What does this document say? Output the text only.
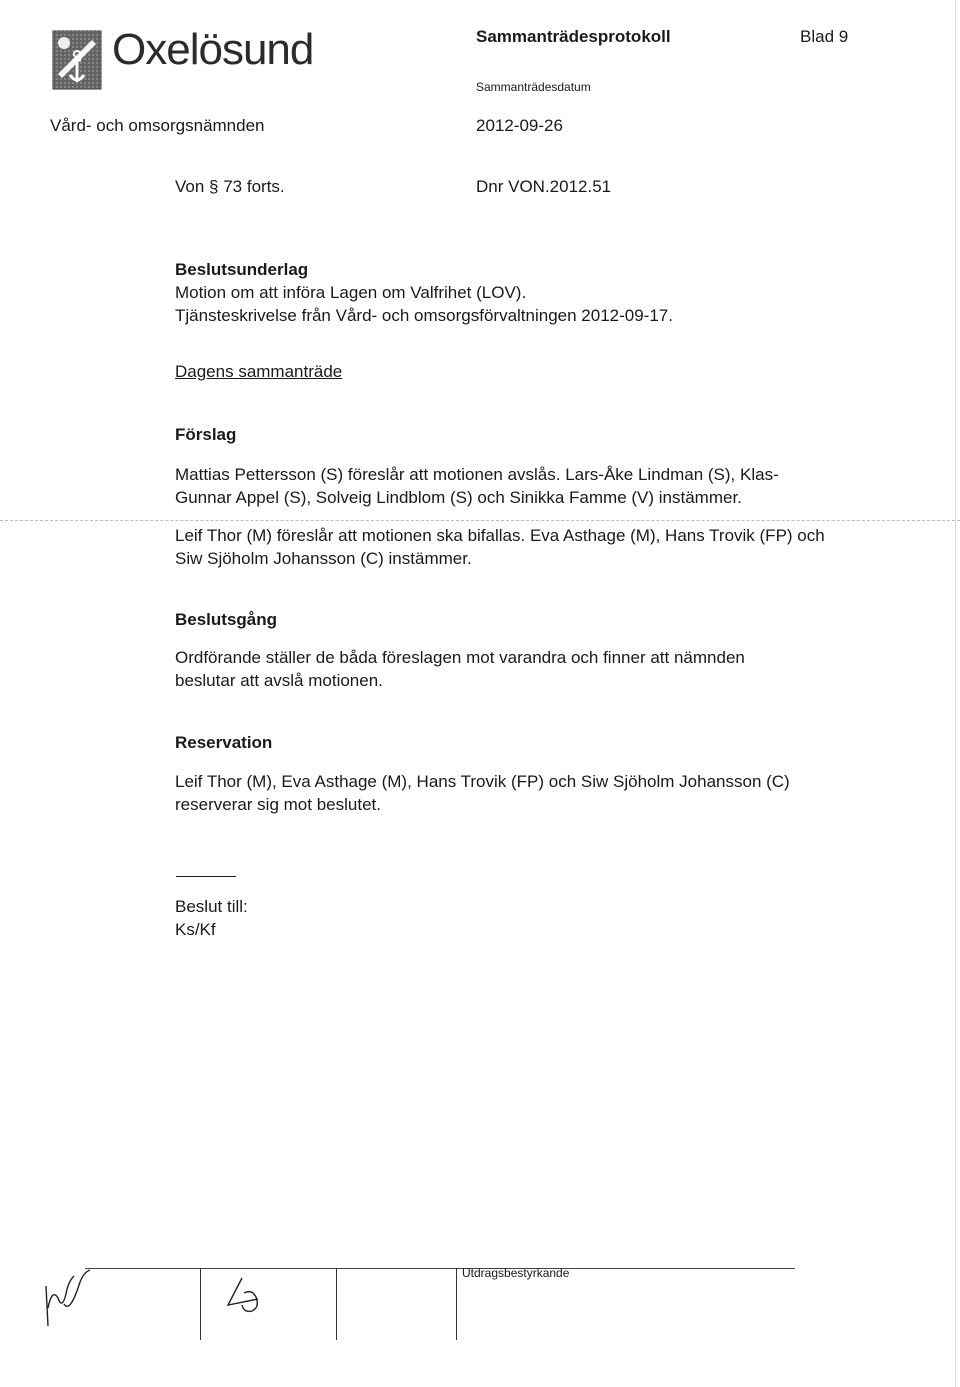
Oxelösund	Sammanträdesprotokoll	Blad 9
Sammanträdesdatum
Vård- och omsorgsnämnden	2012-09-26
Von § 73 forts.	Dnr VON.2012.51

Beslutsunderlag

Motion om att införa Lagen om Valfrihet (LOV).

Tjänsteskrivelse från Vård- och omsorgsförvaltningen 2012-09-17.

Dagens sammanträde

Förslag

Mattias Pettersson (S) föreslår att motionen avslås. Lars-Åke Lindman (S), Klas-Gunnar Appel (S), Solveig Lindblom (S) och Sinikka Famme (V) instämmer.

Leif Thor (M) föreslår att motionen ska bifallas. Eva Asthage (M), Hans Trovik (FP) och Siw Sjöholm Johansson (C) instämmer.

Beslutsgång

Ordförande ställer de båda föreslagen mot varandra och finner att nämnden beslutar att avslå motionen.

Reservation

Leif Thor (M), Eva Asthage (M), Hans Trovik (FP) och Siw Sjöholm Johansson (C) reserverar sig mot beslutet.

Beslut till:

Ks/Kf

Utdragsbestyrkande
